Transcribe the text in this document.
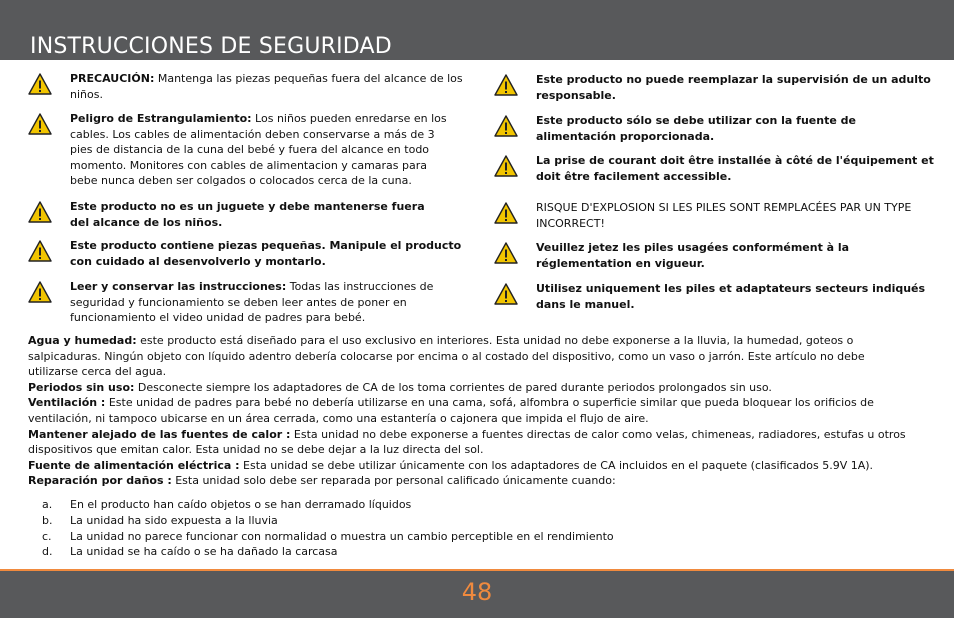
INSTRUCCIONES DE SEGURIDAD
PRECAUCIÓN: Mantenga las piezas pequeñas fuera del alcance de los niños.
Peligro de Estrangulamiento: Los niños pueden enredarse en los cables. Los cables de alimentación deben conservarse a más de 3 pies de distancia de la cuna del bebé y fuera del alcance en todo momento. Monitores con cables de alimentacion y camaras para bebe nunca deben ser colgados o colocados cerca de la cuna.
Este producto no es un juguete y debe mantenerse fuera del alcance de los niños.
Este producto contiene piezas pequeñas. Manipule el producto con cuidado al desenvolverlo y montarlo.
Leer y conservar las instrucciones: Todas las instrucciones de seguridad y funcionamiento se deben leer antes de poner en funcionamiento el video unidad de padres para bebé.
Este producto no puede reemplazar la supervisión de un adulto responsable.
Este producto sólo se debe utilizar con la fuente de alimentación proporcionada.
La prise de courant doit être installée à côté de l'équipement et doit être facilement accessible.
RISQUE D'EXPLOSION SI LES PILES SONT REMPLACÉES PAR UN TYPE INCORRECT!
Veuillez jetez les piles usagées conformément à la réglementation en vigueur.
Utilisez uniquement les piles et adaptateurs secteurs indiqués dans le manuel.

Agua y humedad: este producto está diseñado para el uso exclusivo en interiores. Esta unidad no debe exponerse a la lluvia, la humedad, goteos o salpicaduras. Ningún objeto con líquido adentro debería colocarse por encima o al costado del dispositivo, como un vaso o jarrón. Este artículo no debe utilizarse cerca del agua.

Periodos sin uso: Desconecte siempre los adaptadores de CA de los toma corrientes de pared durante periodos prolongados sin uso.

Ventilación : Este unidad de padres para bebé no debería utilizarse en una cama, sofá, alfombra o superficie similar que pueda bloquear los orificios de ventilación, ni tampoco ubicarse en un área cerrada, como una estantería o cajonera que impida el flujo de aire.

Mantener alejado de las fuentes de calor : Esta unidad no debe exponerse a fuentes directas de calor como velas, chimeneas, radiadores, estufas u otros dispositivos que emitan calor. Esta unidad no se debe dejar a la luz directa del sol.

Fuente de alimentación eléctrica : Esta unidad se debe utilizar únicamente con los adaptadores de CA incluidos en el paquete (clasificados 5.9V 1A).

Reparación por daños : Esta unidad solo debe ser reparada por personal calificado únicamente cuando:

a. En el producto han caído objetos o se han derramado líquidos
b. La unidad ha sido expuesta a la lluvia
c. La unidad no parece funcionar con normalidad o muestra un cambio perceptible en el rendimiento
d. La unidad se ha caído o se ha dañado la carcasa
48
